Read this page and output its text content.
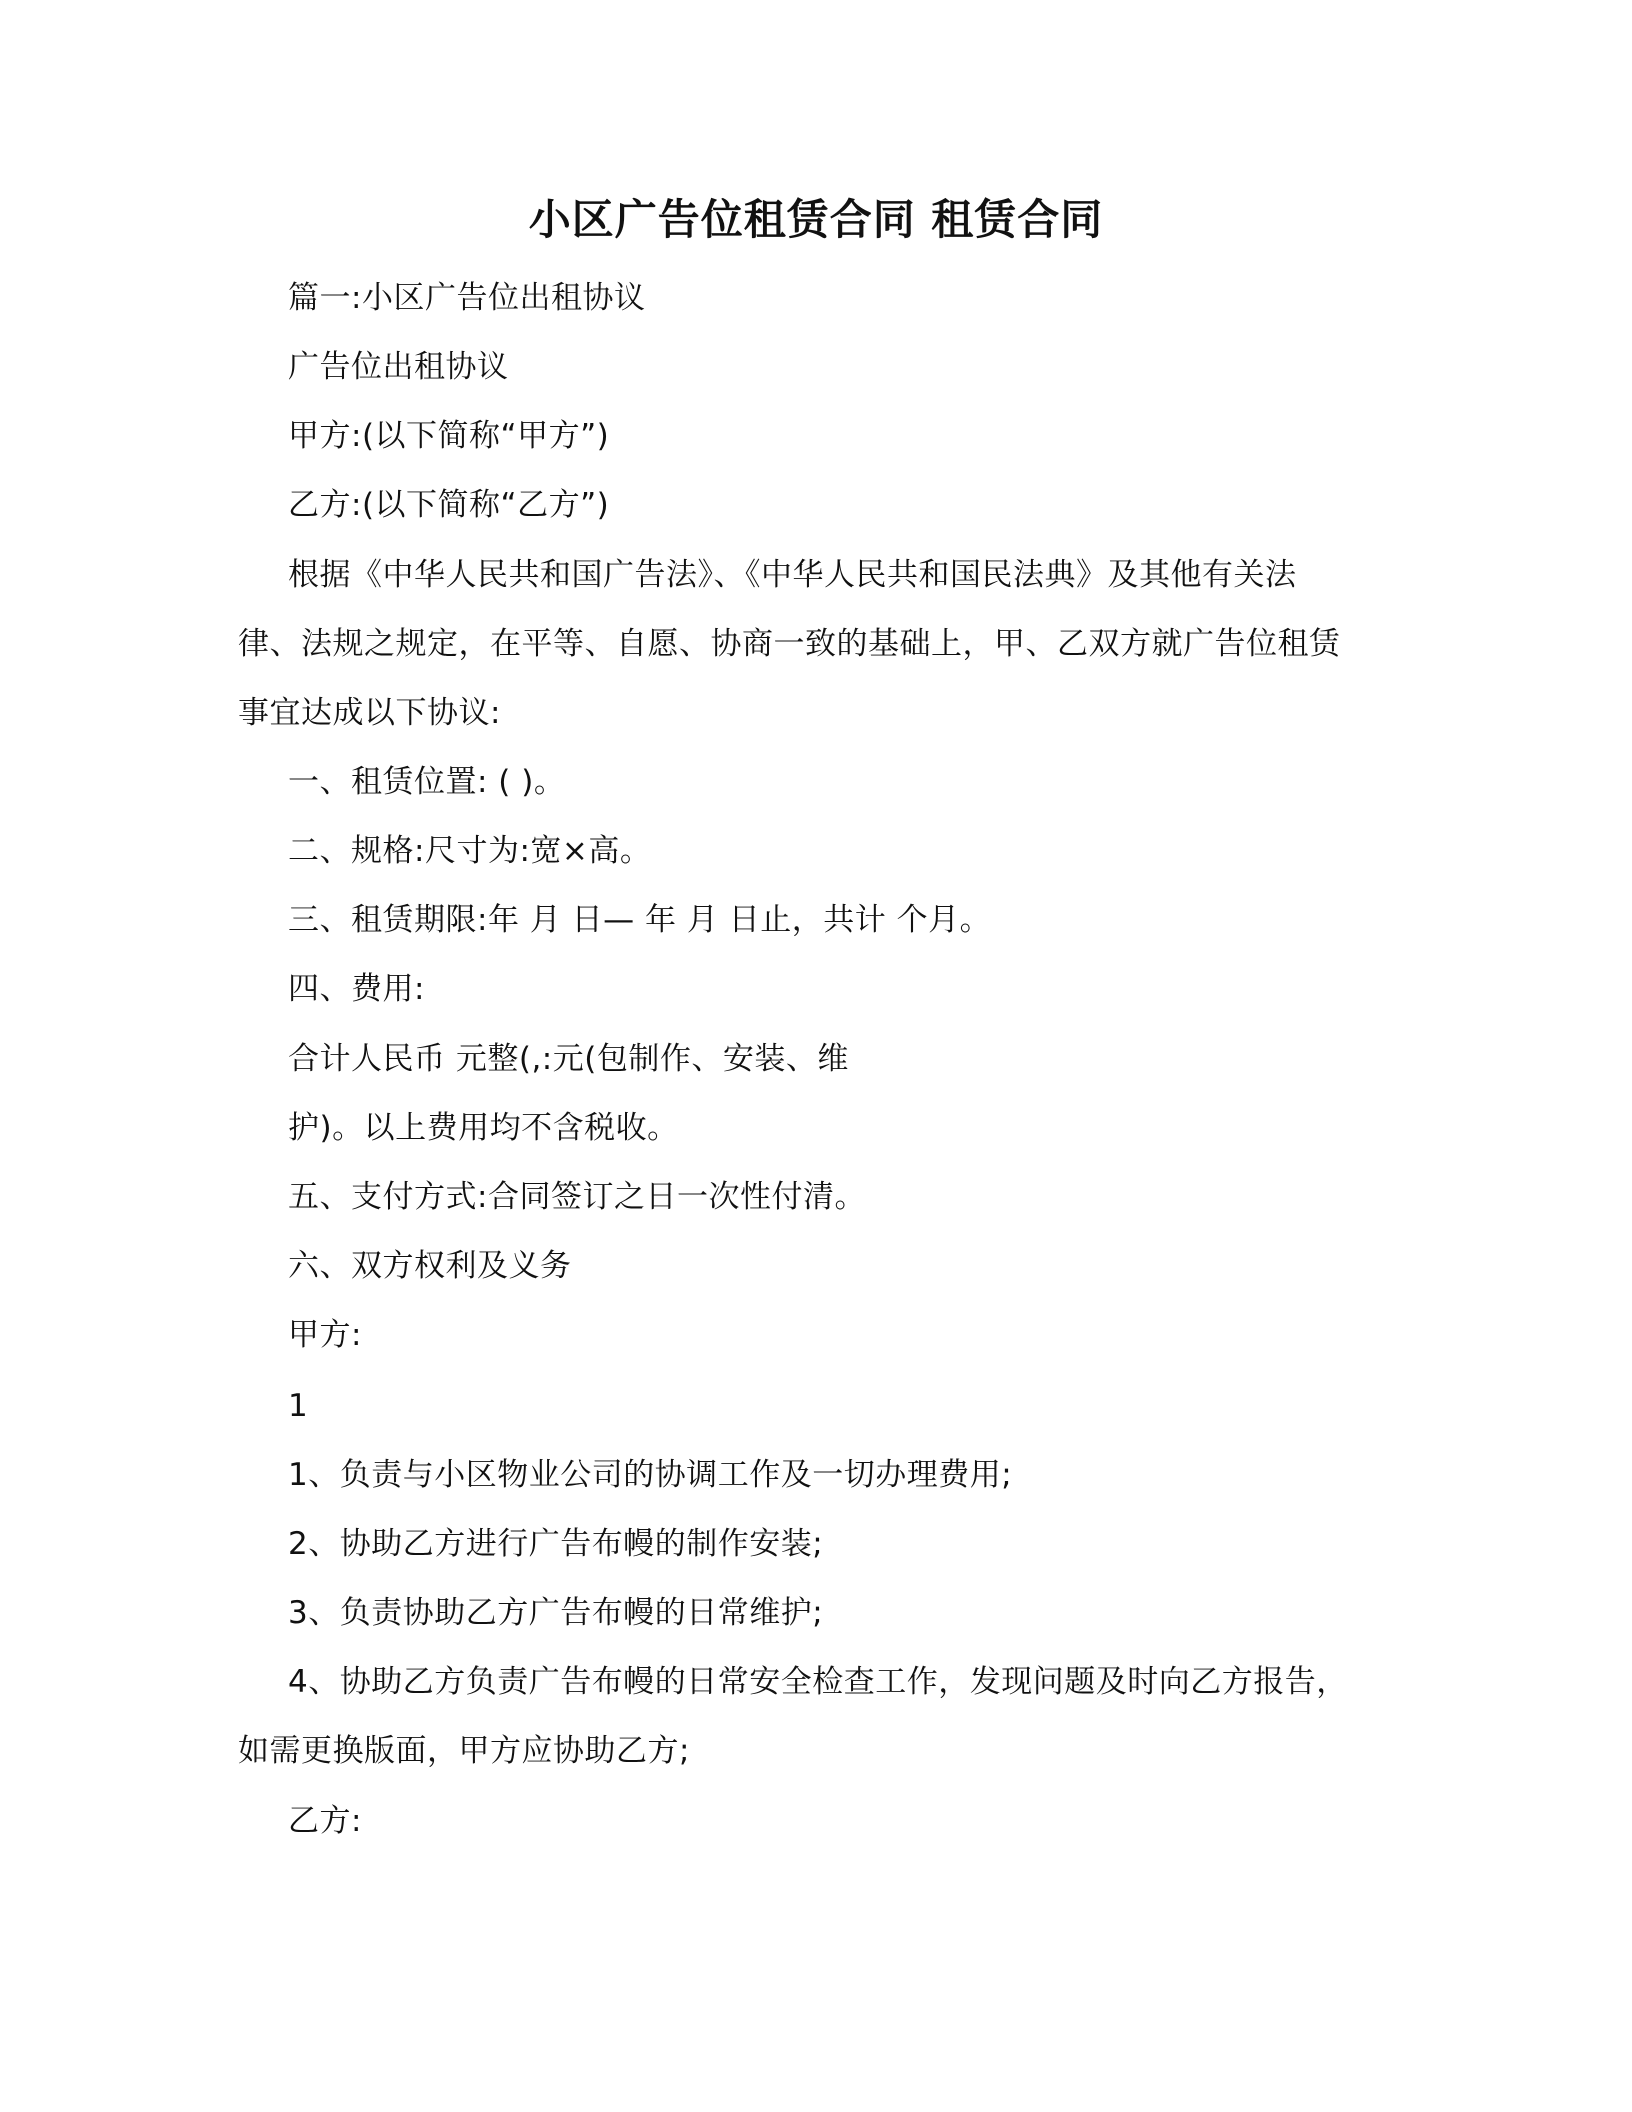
小区广告位租赁合同 租赁合同
篇一:小区广告位出租协议
广告位出租协议
甲方:(以下简称“甲方”)
乙方:(以下简称“乙方”)
根据《中华人民共和国广告法》、《中华人民共和国民法典》及其他有关法
律、法规之规定，在平等、自愿、协商一致的基础上，甲、乙双方就广告位租赁
事宜达成以下协议:
一、租赁位置: ( )。
二、规格:尺寸为:宽×高。
三、租赁期限:年 月 日— 年 月 日止，共计 个月。
四、费用:
合计人民币 元整(,:元(包制作、安装、维
护)。以上费用均不含税收。
五、支付方式:合同签订之日一次性付清。
六、双方权利及义务
甲方:
1
1、负责与小区物业公司的协调工作及一切办理费用;
2、协助乙方进行广告布幔的制作安装;
3、负责协助乙方广告布幔的日常维护;
4、协助乙方负责广告布幔的日常安全检查工作，发现问题及时向乙方报告，
如需更换版面，甲方应协助乙方;
乙方:
